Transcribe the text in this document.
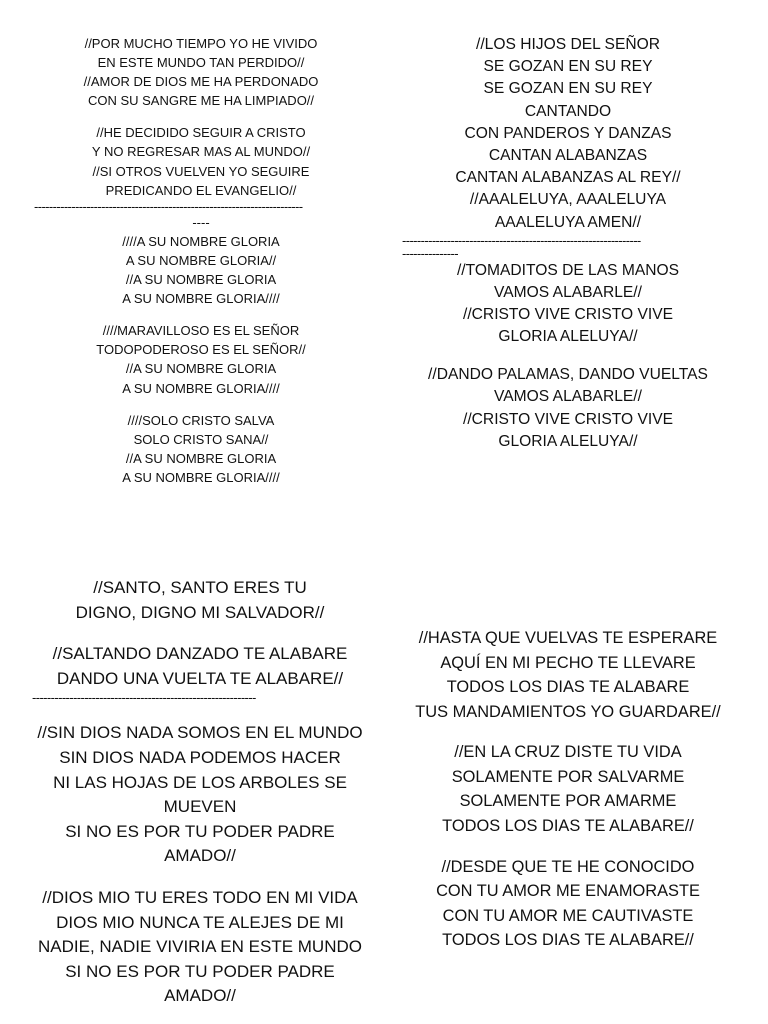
//POR MUCHO TIEMPO YO HE VIVIDO
EN ESTE MUNDO TAN PERDIDO//
//AMOR DE DIOS ME HA PERDONADO
CON SU SANGRE ME HA LIMPIADO//
//HE DECIDIDO SEGUIR A CRISTO
Y NO REGRESAR MAS AL MUNDO//
//SI OTROS VUELVEN YO SEGUIRE
PREDICANDO EL EVANGELIO//
------------------------------------------------------------------------
----
////A SU NOMBRE GLORIA
A SU NOMBRE GLORIA//
//A SU NOMBRE GLORIA
A SU NOMBRE GLORIA////
////MARAVILLOSO ES EL SEÑOR
TODOPODEROSO ES EL SEÑOR//
//A SU NOMBRE GLORIA
A SU NOMBRE GLORIA////
////SOLO CRISTO SALVA
SOLO CRISTO SANA//
//A SU NOMBRE GLORIA
A SU NOMBRE GLORIA////
//LOS HIJOS DEL SEÑOR
SE GOZAN EN SU REY
SE GOZAN EN SU REY
CANTANDO
CON PANDEROS Y DANZAS
CANTAN ALABANZAS
CANTAN ALABANZAS AL REY//
//AAALELUYA, AAALELUYA
AAALELUYA AMEN//
----------------------------------------------------------------
---------------
//TOMADITOS DE LAS MANOS
VAMOS ALABARLE//
//CRISTO VIVE CRISTO VIVE
GLORIA ALELUYA//
//DANDO PALAMAS, DANDO VUELTAS
VAMOS ALABARLE//
//CRISTO VIVE CRISTO VIVE
GLORIA ALELUYA//
//SANTO, SANTO ERES TU
DIGNO, DIGNO MI SALVADOR//
//SALTANDO DANZADO TE ALABARE
DANDO UNA VUELTA TE ALABARE//
------------------------------------------------------------
//SIN DIOS NADA SOMOS EN EL MUNDO
SIN DIOS NADA PODEMOS HACER
NI LAS HOJAS DE LOS ARBOLES SE
MUEVEN
SI NO ES POR TU PODER PADRE
AMADO//
//DIOS MIO TU ERES TODO EN MI VIDA
DIOS MIO NUNCA TE ALEJES DE MI
NADIE, NADIE VIVIRIA EN ESTE MUNDO
SI NO ES POR TU PODER PADRE
AMADO//
//HASTA QUE VUELVAS TE ESPERARE
AQUÍ EN MI PECHO TE LLEVARE
TODOS LOS DIAS TE ALABARE
TUS MANDAMIENTOS YO GUARDARE//
//EN LA CRUZ DISTE TU VIDA
SOLAMENTE POR SALVARME
SOLAMENTE POR AMARME
TODOS LOS DIAS TE ALABARE//
//DESDE QUE TE HE CONOCIDO
CON TU AMOR ME ENAMORASTE
CON TU AMOR ME CAUTIVASTE
TODOS LOS DIAS TE ALABARE//
